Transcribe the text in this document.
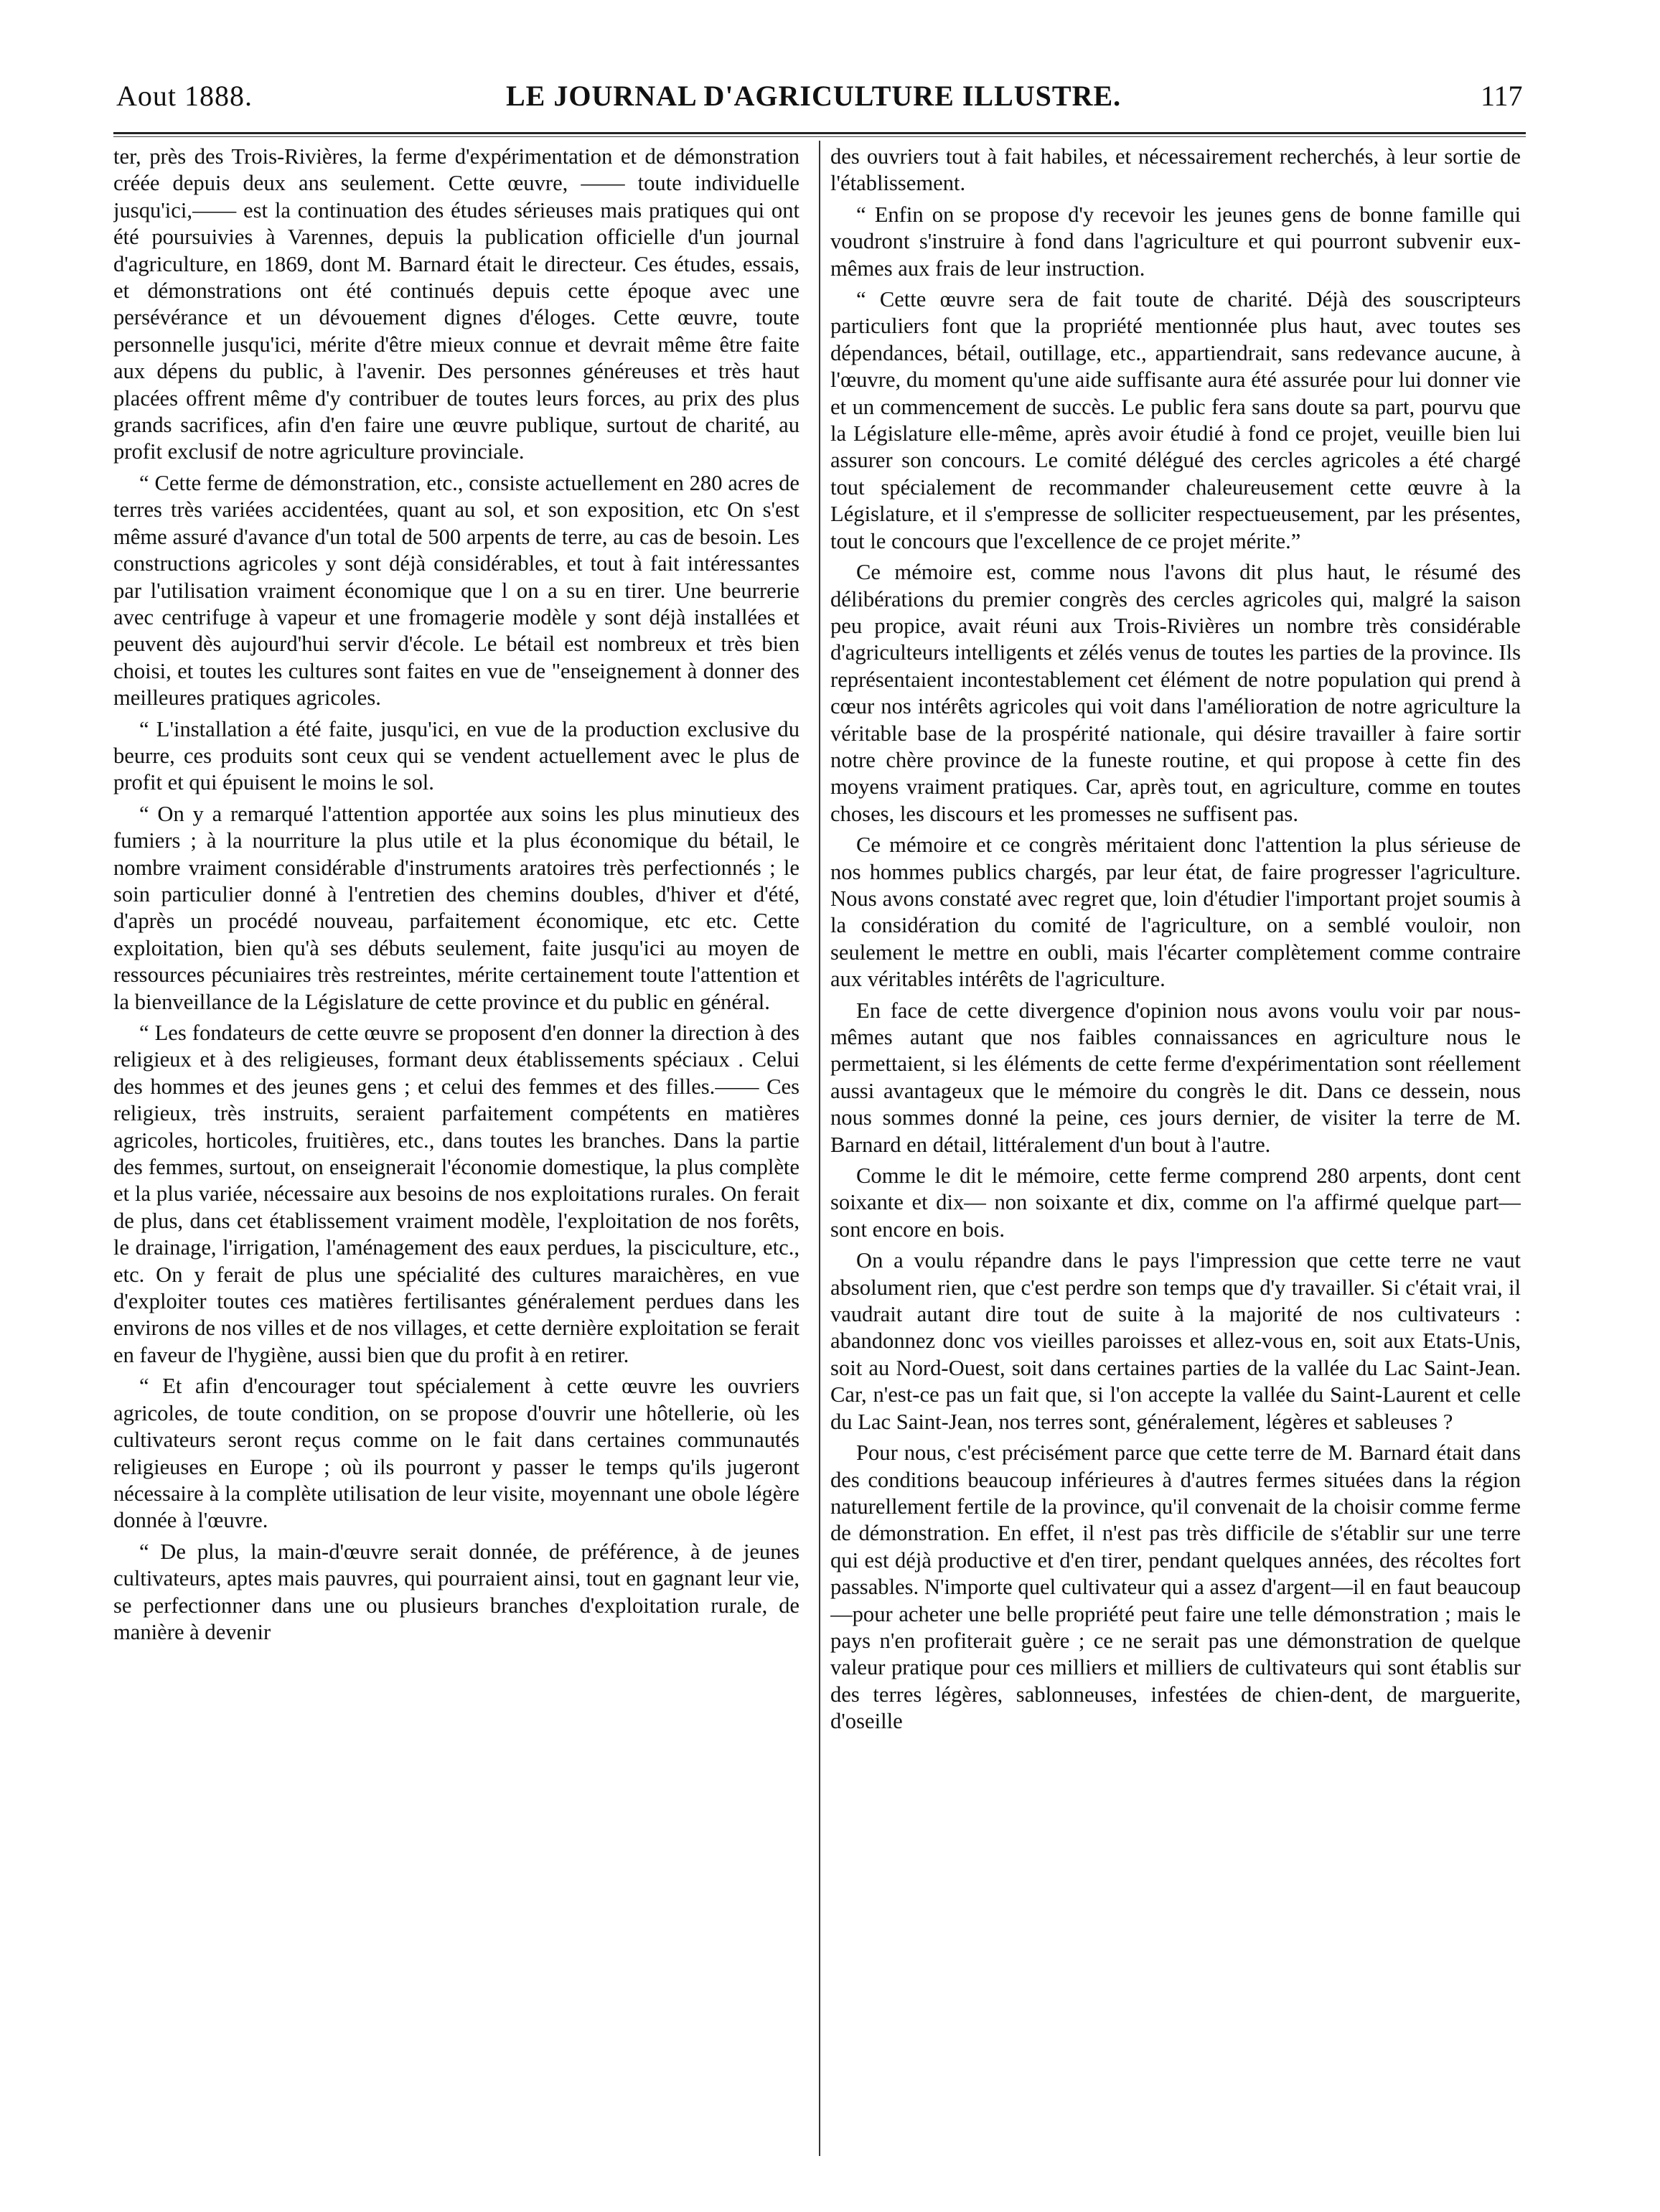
Aout 1888.	LE JOURNAL D'AGRICULTURE ILLUSTRE.	117

ter, près des Trois-Rivières, la ferme d'expérimentation et de démonstration créée depuis deux ans seulement. Cette œuvre, —— toute individuelle jusqu'ici,—— est la continuation des études sérieuses mais pratiques qui ont été poursuivies à Varennes, depuis la publication officielle d'un journal d'agriculture, en 1869, dont M. Barnard était le directeur. Ces études, essais, et démonstrations ont été continués depuis cette époque avec une persévérance et un dévouement dignes d'éloges. Cette œuvre, toute personnelle jusqu'ici, mérite d'être mieux connue et devrait même être faite aux dépens du public, à l'avenir. Des personnes généreuses et très haut placées offrent même d'y contribuer de toutes leurs forces, au prix des plus grands sacrifices, afin d'en faire une œuvre publique, surtout de charité, au profit exclusif de notre agriculture provinciale.

“ Cette ferme de démonstration, etc., consiste actuellement en 280 acres de terres très variées accidentées, quant au sol, et son exposition, etc On s'est même assuré d'avance d'un total de 500 arpents de terre, au cas de besoin. Les constructions agricoles y sont déjà considérables, et tout à fait intéressantes par l'utilisation vraiment économique que l on a su en tirer. Une beurrerie avec centrifuge à vapeur et une fromagerie modèle y sont déjà installées et peuvent dès aujourd'hui servir d'école. Le bétail est nombreux et très bien choisi, et toutes les cultures sont faites en vue de "enseignement à donner des meilleures pratiques agricoles.

“ L'installation a été faite, jusqu'ici, en vue de la production exclusive du beurre, ces produits sont ceux qui se vendent actuellement avec le plus de profit et qui épuisent le moins le sol.

“ On y a remarqué l'attention apportée aux soins les plus minutieux des fumiers ; à la nourriture la plus utile et la plus économique du bétail, le nombre vraiment considérable d'instruments aratoires très perfectionnés ; le soin particulier donné à l'entretien des chemins doubles, d'hiver et d'été, d'après un procédé nouveau, parfaitement économique, etc etc. Cette exploitation, bien qu'à ses débuts seulement, faite jusqu'ici au moyen de ressources pécuniaires très restreintes, mérite certainement toute l'attention et la bienveillance de la Législature de cette province et du public en général.

“ Les fondateurs de cette œuvre se proposent d'en donner la direction à des religieux et à des religieuses, formant deux établissements spéciaux . Celui des hommes et des jeunes gens ; et celui des femmes et des filles.—— Ces religieux, très instruits, seraient parfaitement compétents en matières agricoles, horticoles, fruitières, etc., dans toutes les branches. Dans la partie des femmes, surtout, on enseignerait l'économie domestique, la plus complète et la plus variée, nécessaire aux besoins de nos exploitations rurales. On ferait de plus, dans cet établissement vraiment modèle, l'exploitation de nos forêts, le drainage, l'irrigation, l'aménagement des eaux perdues, la pisciculture, etc., etc. On y ferait de plus une spécialité des cultures maraichères, en vue d'exploiter toutes ces matières fertilisantes généralement perdues dans les environs de nos villes et de nos villages, et cette dernière exploitation se ferait en faveur de l'hygiène, aussi bien que du profit à en retirer.

“ Et afin d'encourager tout spécialement à cette œuvre les ouvriers agricoles, de toute condition, on se propose d'ouvrir une hôtellerie, où les cultivateurs seront reçus comme on le fait dans certaines communautés religieuses en Europe ; où ils pourront y passer le temps qu'ils jugeront nécessaire à la complète utilisation de leur visite, moyennant une obole légère donnée à l'œuvre.

“ De plus, la main-d'œuvre serait donnée, de préférence, à de jeunes cultivateurs, aptes mais pauvres, qui pourraient ainsi, tout en gagnant leur vie, se perfectionner dans une ou plusieurs branches d'exploitation rurale, de manière à devenir

des ouvriers tout à fait habiles, et nécessairement recherchés, à leur sortie de l'établissement.

“ Enfin on se propose d'y recevoir les jeunes gens de bonne famille qui voudront s'instruire à fond dans l'agriculture et qui pourront subvenir eux-mêmes aux frais de leur instruction.

“ Cette œuvre sera de fait toute de charité. Déjà des souscripteurs particuliers font que la propriété mentionnée plus haut, avec toutes ses dépendances, bétail, outillage, etc., appartiendrait, sans redevance aucune, à l'œuvre, du moment qu'une aide suffisante aura été assurée pour lui donner vie et un commencement de succès. Le public fera sans doute sa part, pourvu que la Législature elle-même, après avoir étudié à fond ce projet, veuille bien lui assurer son concours. Le comité délégué des cercles agricoles a été chargé tout spécialement de recommander chaleureusement cette œuvre à la Législature, et il s'empresse de solliciter respectueusement, par les présentes, tout le concours que l'excellence de ce projet mérite.”

Ce mémoire est, comme nous l'avons dit plus haut, le résumé des délibérations du premier congrès des cercles agricoles qui, malgré la saison peu propice, avait réuni aux Trois-Rivières un nombre très considérable d'agriculteurs intelligents et zélés venus de toutes les parties de la province. Ils représentaient incontestablement cet élément de notre population qui prend à cœur nos intérêts agricoles qui voit dans l'amélioration de notre agriculture la véritable base de la prospérité nationale, qui désire travailler à faire sortir notre chère province de la funeste routine, et qui propose à cette fin des moyens vraiment pratiques. Car, après tout, en agriculture, comme en toutes choses, les discours et les promesses ne suffisent pas.

Ce mémoire et ce congrès méritaient donc l'attention la plus sérieuse de nos hommes publics chargés, par leur état, de faire progresser l'agriculture. Nous avons constaté avec regret que, loin d'étudier l'important projet soumis à la considération du comité de l'agriculture, on a semblé vouloir, non seulement le mettre en oubli, mais l'écarter complètement comme contraire aux véritables intérêts de l'agriculture.

En face de cette divergence d'opinion nous avons voulu voir par nous-mêmes autant que nos faibles connaissances en agriculture nous le permettaient, si les éléments de cette ferme d'expérimentation sont réellement aussi avantageux que le mémoire du congrès le dit. Dans ce dessein, nous nous sommes donné la peine, ces jours dernier, de visiter la terre de M. Barnard en détail, littéralement d'un bout à l'autre.

Comme le dit le mémoire, cette ferme comprend 280 arpents, dont cent soixante et dix— non soixante et dix, comme on l'a affirmé quelque part—sont encore en bois.

On a voulu répandre dans le pays l'impression que cette terre ne vaut absolument rien, que c'est perdre son temps que d'y travailler. Si c'était vrai, il vaudrait autant dire tout de suite à la majorité de nos cultivateurs : abandonnez donc vos vieilles paroisses et allez-vous en, soit aux Etats-Unis, soit au Nord-Ouest, soit dans certaines parties de la vallée du Lac Saint-Jean. Car, n'est-ce pas un fait que, si l'on accepte la vallée du Saint-Laurent et celle du Lac Saint-Jean, nos terres sont, généralement, légères et sableuses ?

Pour nous, c'est précisément parce que cette terre de M. Barnard était dans des conditions beaucoup inférieures à d'autres fermes situées dans la région naturellement fertile de la province, qu'il convenait de la choisir comme ferme de démonstration. En effet, il n'est pas très difficile de s'établir sur une terre qui est déjà productive et d'en tirer, pendant quelques années, des récoltes fort passables. N'importe quel cultivateur qui a assez d'argent—il en faut beaucoup—pour acheter une belle propriété peut faire une telle démonstration ; mais le pays n'en profiterait guère ; ce ne serait pas une démonstration de quelque valeur pratique pour ces milliers et milliers de cultivateurs qui sont établis sur des terres légères, sablonneuses, infestées de chien-dent, de marguerite, d'oseille
